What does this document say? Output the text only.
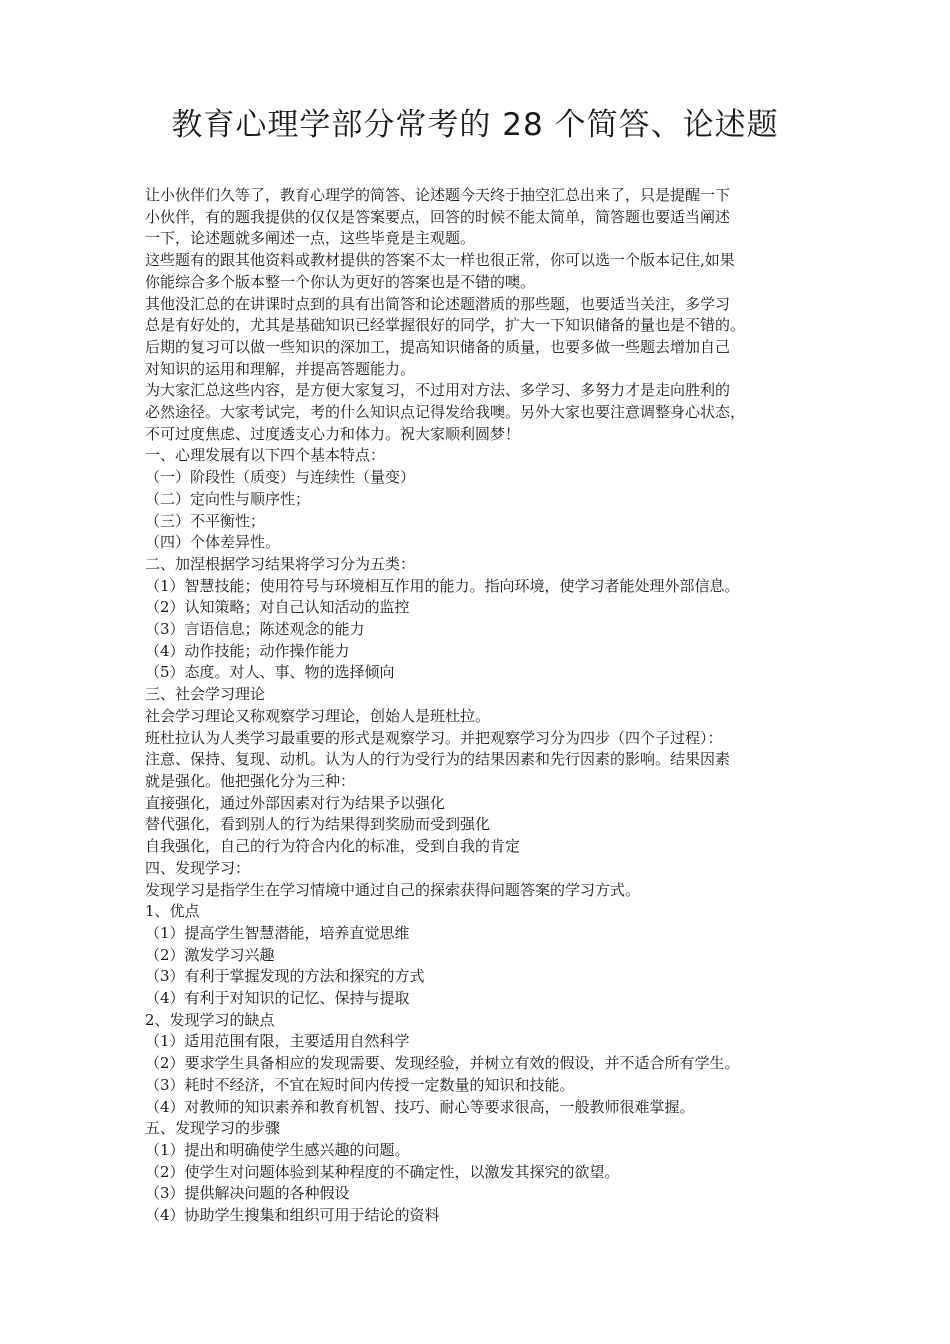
教育心理学部分常考的 28 个简答、论述题

让小伙伴们久等了，教育心理学的简答、论述题今天终于抽空汇总出来了，只是提醒一下

小伙伴，有的题我提供的仅仅是答案要点，回答的时候不能太简单，简答题也要适当阐述

一下，论述题就多阐述一点，这些毕竟是主观题。

这些题有的跟其他资料或教材提供的答案不太一样也很正常，你可以选一个版本记住,如果

你能综合多个版本整一个你认为更好的答案也是不错的噢。

其他没汇总的在讲课时点到的具有出简答和论述题潜质的那些题，也要适当关注，多学习

总是有好处的，尤其是基础知识已经掌握很好的同学，扩大一下知识储备的量也是不错的。

后期的复习可以做一些知识的深加工，提高知识储备的质量，也要多做一些题去增加自己

对知识的运用和理解，并提高答题能力。

为大家汇总这些内容，是方便大家复习，不过用对方法、多学习、多努力才是走向胜利的

必然途径。大家考试完，考的什么知识点记得发给我噢。另外大家也要注意调整身心状态，

不可过度焦虑、过度透支心力和体力。祝大家顺利圆梦！

一、心理发展有以下四个基本特点：

（一）阶段性（质变）与连续性（量变）

（二）定向性与顺序性；

（三）不平衡性；

（四）个体差异性。

二、加涅根据学习结果将学习分为五类：

（1）智慧技能；使用符号与环境相互作用的能力。指向环境，使学习者能处理外部信息。

（2）认知策略；对自己认知活动的监控

（3）言语信息；陈述观念的能力

（4）动作技能；动作操作能力

（5）态度。对人、事、物的选择倾向

三、社会学习理论

社会学习理论又称观察学习理论，创始人是班杜拉。

班杜拉认为人类学习最重要的形式是观察学习。并把观察学习分为四步（四个子过程）：

注意、保持、复现、动机。认为人的行为受行为的结果因素和先行因素的影响。结果因素

就是强化。他把强化分为三种：

直接强化，通过外部因素对行为结果予以强化

替代强化，看到别人的行为结果得到奖励而受到强化

自我强化，自己的行为符合内化的标准，受到自我的肯定

四、发现学习：

发现学习是指学生在学习情境中通过自己的探索获得问题答案的学习方式。

1、优点

（1）提高学生智慧潜能，培养直觉思维

（2）激发学习兴趣

（3）有利于掌握发现的方法和探究的方式

（4）有利于对知识的记忆、保持与提取

2、发现学习的缺点

（1）适用范围有限，主要适用自然科学

（2）要求学生具备相应的发现需要、发现经验，并树立有效的假设，并不适合所有学生。

（3）耗时不经济，不宜在短时间内传授一定数量的知识和技能。

（4）对教师的知识素养和教育机智、技巧、耐心等要求很高，一般教师很难掌握。

五、发现学习的步骤

（1）提出和明确使学生感兴趣的问题。

（2）使学生对问题体验到某种程度的不确定性，以激发其探究的欲望。

（3）提供解决问题的各种假设

（4）协助学生搜集和组织可用于结论的资料
